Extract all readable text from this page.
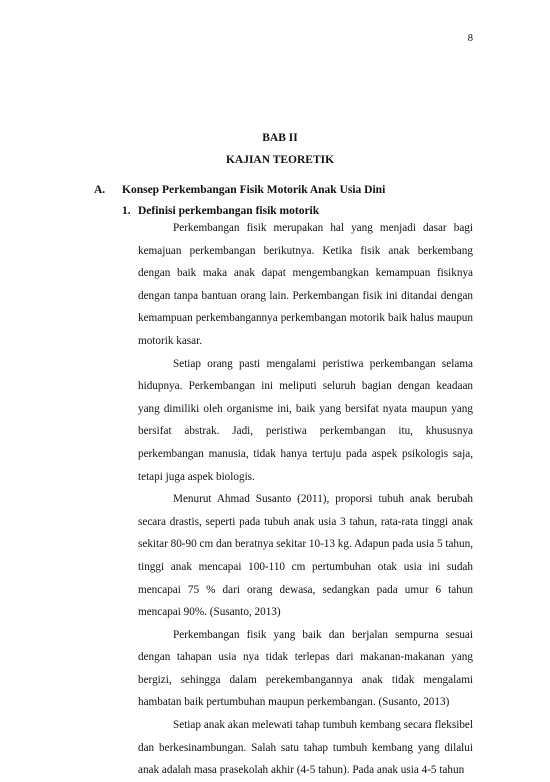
8
BAB II
KAJIAN TEORETIK
A. Konsep Perkembangan Fisik Motorik Anak Usia Dini
1. Definisi perkembangan fisik motorik

Perkembangan fisik merupakan hal yang menjadi dasar bagi kemajuan perkembangan berikutnya. Ketika fisik anak berkembang dengan baik maka anak dapat mengembangkan kemampuan fisiknya dengan tanpa bantuan orang lain. Perkembangan fisik ini ditandai dengan kemampuan perkembangannya perkembangan motorik baik halus maupun motorik kasar.

Setiap orang pasti mengalami peristiwa perkembangan selama hidupnya. Perkembangan ini meliputi seluruh bagian dengan keadaan yang dimiliki oleh organisme ini, baik yang bersifat nyata maupun yang bersifat abstrak. Jadi, peristiwa perkembangan itu, khususnya perkembangan manusia, tidak hanya tertuju pada aspek psikologis saja, tetapi juga aspek biologis.

Menurut Ahmad Susanto (2011), proporsi tubuh anak berubah secara drastis, seperti pada tubuh anak usia 3 tahun, rata-rata tinggi anak sekitar 80-90 cm dan beratnya sekitar 10-13 kg. Adapun pada usia 5 tahun, tinggi anak mencapai 100-110 cm pertumbuhan otak usia ini sudah mencapai 75 % dari orang dewasa, sedangkan pada umur 6 tahun mencapai 90%. (Susanto, 2013)

Perkembangan fisik yang baik dan berjalan sempurna sesuai dengan tahapan usia nya tidak terlepas dari makanan-makanan yang bergizi, sehingga dalam perekembangannya anak tidak mengalami hambatan baik pertumbuhan maupun perkembangan. (Susanto, 2013)

Setiap anak akan melewati tahap tumbuh kembang secara fleksibel dan berkesinambungan. Salah satu tahap tumbuh kembang yang dilalui anak adalah masa prasekolah akhir (4-5 tahun). Pada anak usia 4-5 tahun
